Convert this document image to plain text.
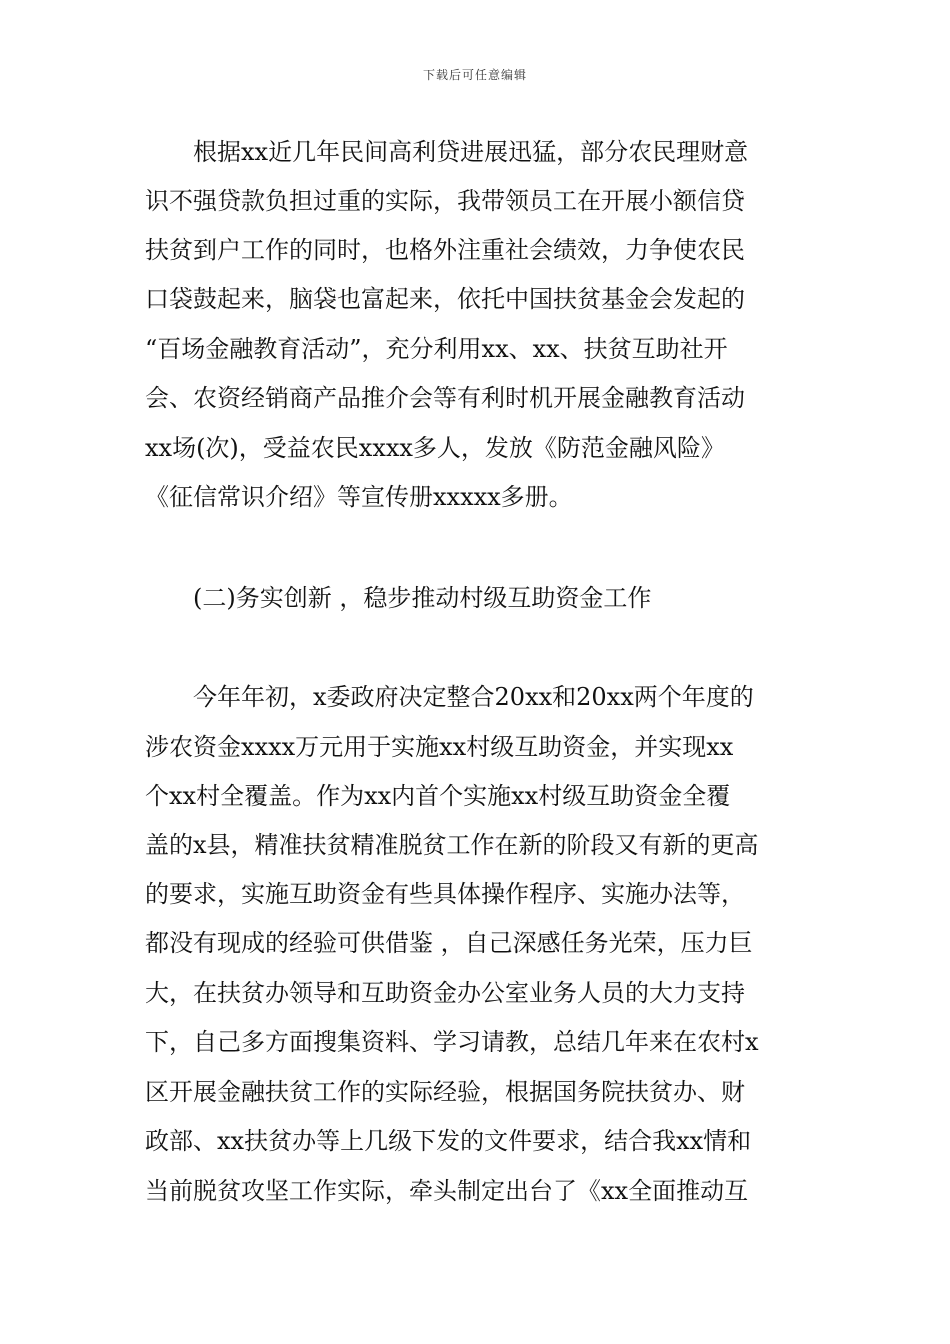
下载后可任意编辑
　　根据xx近几年民间高利贷进展迅猛，部分农民理财意
识不强贷款负担过重的实际，我带领员工在开展小额信贷
扶贫到户工作的同时，也格外注重社会绩效，力争使农民
口袋鼓起来，脑袋也富起来，依托中国扶贫基金会发起的
“百场金融教育活动”，充分利用xx、xx、扶贫互助社开
会、农资经销商产品推介会等有利时机开展金融教育活动
xx场(次)，受益农民xxxx多人，发放《防范金融风险》
《征信常识介绍》等宣传册xxxxx多册。
　　(二)务实创新 ，稳步推动村级互助资金工作
　　今年年初，x委政府决定整合20xx和20xx两个年度的
涉农资金xxxx万元用于实施xx村级互助资金，并实现xx
个xx村全覆盖。作为xx内首个实施xx村级互助资金全覆
盖的x县，精准扶贫精准脱贫工作在新的阶段又有新的更高
的要求，实施互助资金有些具体操作程序、实施办法等，
都没有现成的经验可供借鉴 ，自己深感任务光荣，压力巨
大，在扶贫办领导和互助资金办公室业务人员的大力支持
下，自己多方面搜集资料、学习请教，总结几年来在农村x
区开展金融扶贫工作的实际经验，根据国务院扶贫办、财
政部、xx扶贫办等上几级下发的文件要求，结合我xx情和
当前脱贫攻坚工作实际，牵头制定出台了《xx全面推动互
